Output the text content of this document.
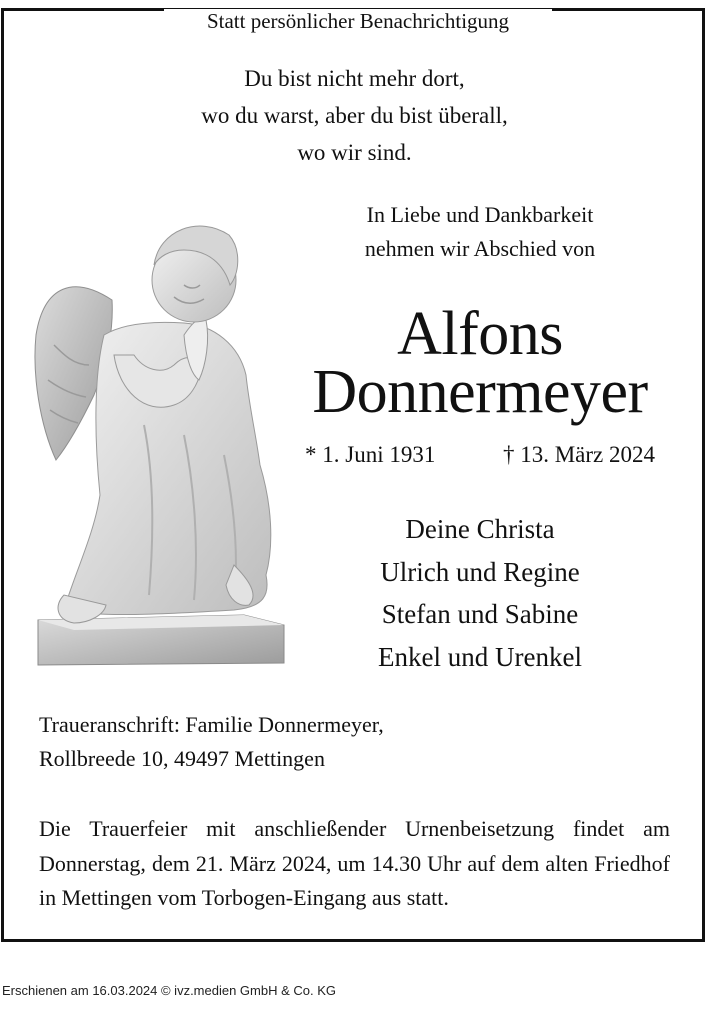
Statt persönlicher Benachrichtigung
Du bist nicht mehr dort,
wo du warst, aber du bist überall,
wo wir sind.
In Liebe und Dankbarkeit
nehmen wir Abschied von
Alfons
Donnermeyer
* 1. Juni 1931	† 13. März 2024
Deine Christa
Ulrich und Regine
Stefan und Sabine
Enkel und Urenkel
Traueranschrift: Familie Donnermeyer,
Rollbreede 10, 49497 Mettingen
Die Trauerfeier mit anschließender Urnenbeisetzung findet am Donnerstag, dem 21. März 2024, um 14.30 Uhr auf dem alten Friedhof in Mettingen vom Torbogen-Eingang aus statt.
Erschienen am 16.03.2024 © ivz.medien GmbH & Co. KG
